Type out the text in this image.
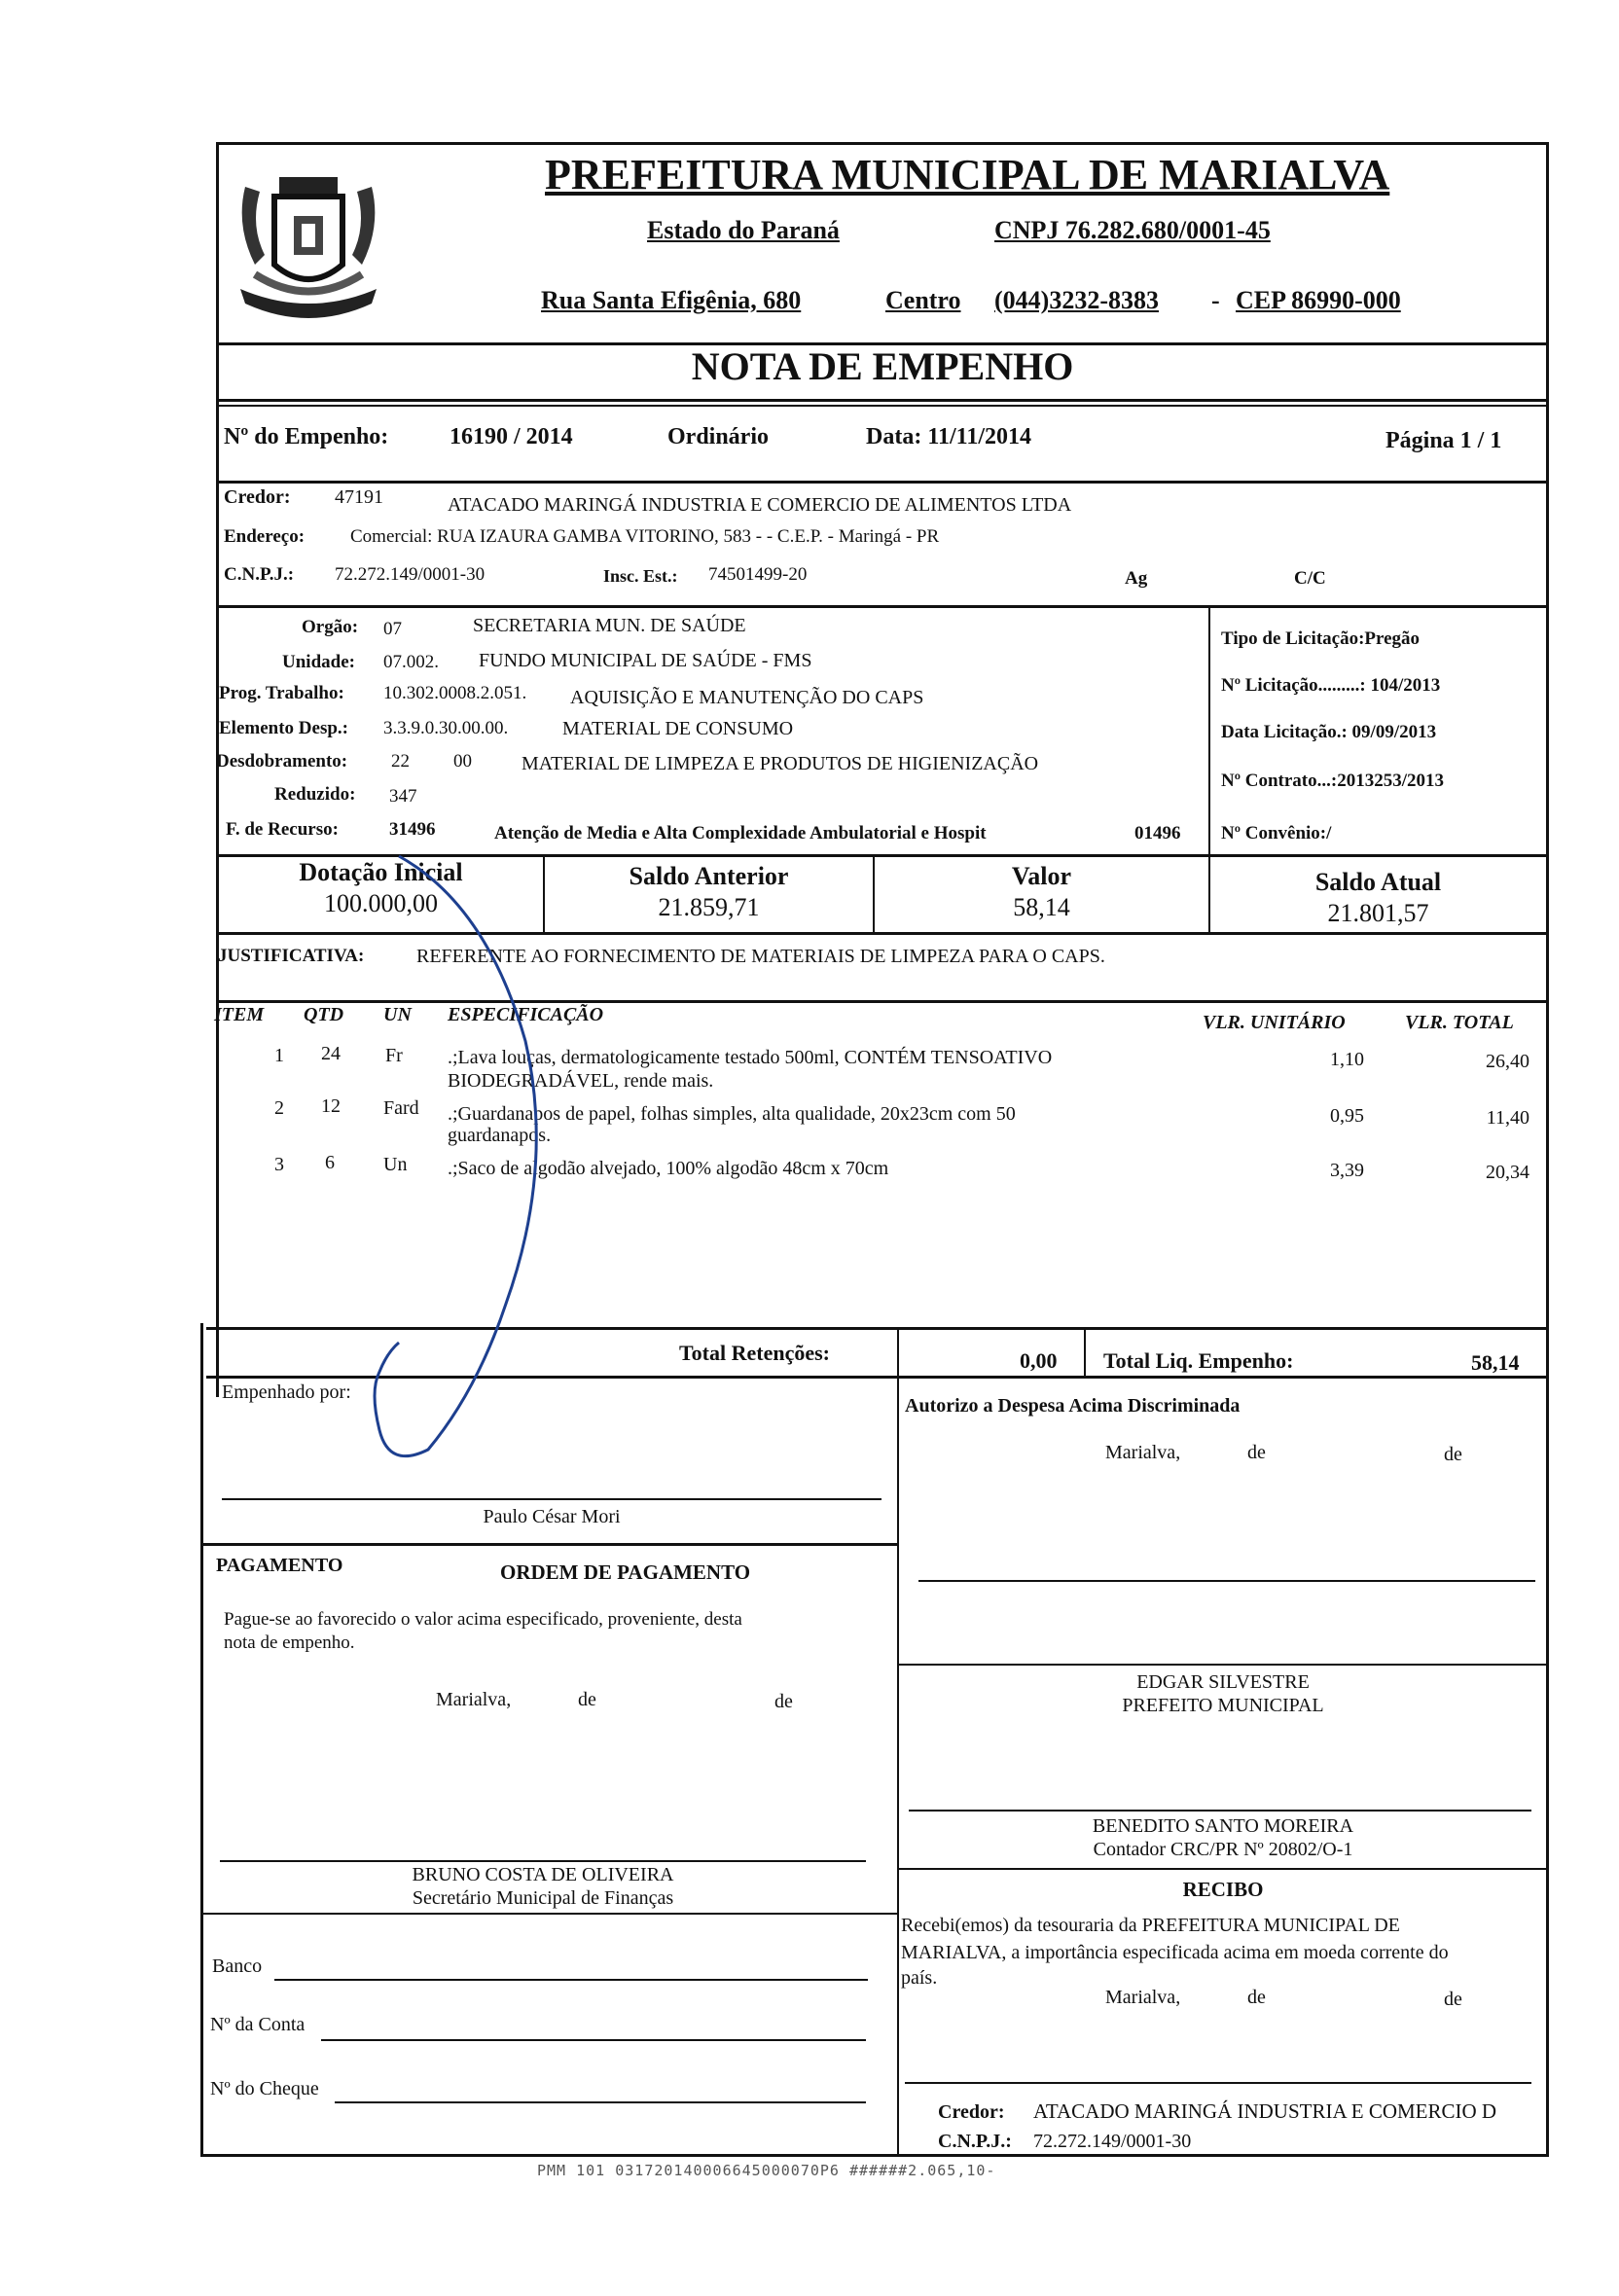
PREFEITURA MUNICIPAL DE MARIALVA
Estado do Paraná	CNPJ 76.282.680/0001-45
Rua Santa Efigênia, 680	Centro (044)3232-8383 - CEP 86990-000
NOTA DE EMPENHO
Nº do Empenho:	16190 / 2014	Ordinário	Data: 11/11/2014	Página 1 / 1
Credor: 47191	ATACADO MARINGÁ INDUSTRIA E COMERCIO DE ALIMENTOS LTDA
Endereço: Comercial: RUA IZAURA GAMBA VITORINO, 583 - - C.E.P. - Maringá - PR
C.N.P.J.: 72.272.149/0001-30	Insc. Est.: 74501499-20	Ag	C/C
Orgão: 07	SECRETARIA MUN. DE SAÚDE
Unidade: 07.002. FUNDO MUNICIPAL DE SAÚDE - FMS
Prog. Trabalho: 10.302.0008.2.051. AQUISIÇÃO E MANUTENÇÃO DO CAPS
Elemento Desp.: 3.3.9.0.30.00.00.	MATERIAL DE CONSUMO
Desdobramento: 22 00	MATERIAL DE LIMPEZA E PRODUTOS DE HIGIENIZAÇÃO
Reduzido: 347
F. de Recurso:	31496	Atenção de Media e Alta Complexidade Ambulatorial e Hospit	01496
Tipo de Licitação:Pregão
Nº Licitação.........: 104/2013
Data Licitação.: 09/09/2013
Nº Contrato...:2013253/2013
Nº Convênio:/
Dotação Inicial
100.000,00
Saldo Anterior
21.859,71
Valor
58,14
Saldo Atual
21.801,57
JUSTIFICATIVA:	REFERENTE AO FORNECIMENTO DE MATERIAIS DE LIMPEZA PARA O CAPS.
ITEM QTD UN ESPECIFICAÇÃO	VLR. UNITÁRIO	VLR. TOTAL
1 24 Fr .;Lava louças, dermatologicamente testado 500ml, CONTÉM TENSOATIVO
BIODEGRADÁVEL, rende mais.
1,10	26,40
2 12 Fard .;Guardanapos de papel, folhas simples, alta qualidade, 20x23cm com 50
guardanapos.
0,95	11,40
3 6	Un .;Saco de algodão alvejado, 100% algodão 48cm x 70cm	3,39	20,34
Total Retenções:	0,00 Total Liq. Empenho:	58,14
Empenhado por:
Paulo César Mori
Autorizo a Despesa Acima Discriminada
Marialva,	de	de
PAGAMENTO	ORDEM DE PAGAMENTO
Pague-se ao favorecido o valor acima especificado, proveniente, desta
nota de empenho.
Marialva,	de	de
BRUNO COSTA DE OLIVEIRA
Secretário Municipal de Finanças
EDGAR SILVESTRE
PREFEITO MUNICIPAL
BENEDITO SANTO MOREIRA
Contador CRC/PR Nº 20802/O-1
RECIBO
Recebi(emos) da tesouraria da PREFEITURA MUNICIPAL DE
MARIALVA, a importância especificada acima em moeda corrente do
país.
Marialva,	de	de
Credor: ATACADO MARINGÁ INDUSTRIA E COMERCIO D
C.N.P.J.: 72.272.149/0001-30
Banco
Nº da Conta
Nº do Cheque
PMM 101 031720140006645000070P6 ######2.065,10-
